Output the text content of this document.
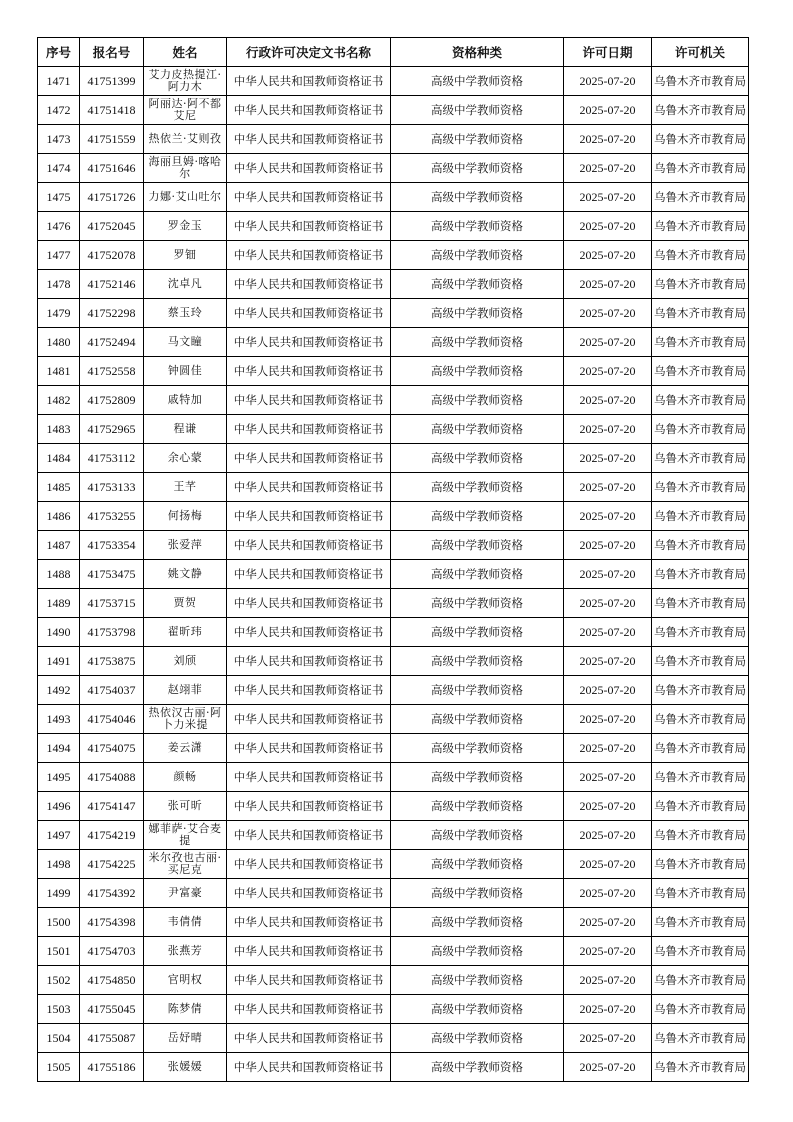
序号	报名号	姓名	行政许可决定文书名称	资格种类	许可日期	许可机关
1471	41751399	艾力皮热提江·阿力木	中华人民共和国教师资格证书	高级中学教师资格	2025-07-20	乌鲁木齐市教育局
1472	41751418	阿丽达·阿不都艾尼	中华人民共和国教师资格证书	高级中学教师资格	2025-07-20	乌鲁木齐市教育局
1473	41751559	热依兰·艾则孜	中华人民共和国教师资格证书	高级中学教师资格	2025-07-20	乌鲁木齐市教育局
1474	41751646	海丽旦姆·喀哈尔	中华人民共和国教师资格证书	高级中学教师资格	2025-07-20	乌鲁木齐市教育局
1475	41751726	力娜·艾山吐尔	中华人民共和国教师资格证书	高级中学教师资格	2025-07-20	乌鲁木齐市教育局
1476	41752045	罗金玉	中华人民共和国教师资格证书	高级中学教师资格	2025-07-20	乌鲁木齐市教育局
1477	41752078	罗钿	中华人民共和国教师资格证书	高级中学教师资格	2025-07-20	乌鲁木齐市教育局
1478	41752146	沈卓凡	中华人民共和国教师资格证书	高级中学教师资格	2025-07-20	乌鲁木齐市教育局
1479	41752298	蔡玉玲	中华人民共和国教师资格证书	高级中学教师资格	2025-07-20	乌鲁木齐市教育局
1480	41752494	马文瞳	中华人民共和国教师资格证书	高级中学教师资格	2025-07-20	乌鲁木齐市教育局
1481	41752558	钟圆佳	中华人民共和国教师资格证书	高级中学教师资格	2025-07-20	乌鲁木齐市教育局
1482	41752809	戚特加	中华人民共和国教师资格证书	高级中学教师资格	2025-07-20	乌鲁木齐市教育局
1483	41752965	程谦	中华人民共和国教师资格证书	高级中学教师资格	2025-07-20	乌鲁木齐市教育局
1484	41753112	余心蒙	中华人民共和国教师资格证书	高级中学教师资格	2025-07-20	乌鲁木齐市教育局
1485	41753133	王芊	中华人民共和国教师资格证书	高级中学教师资格	2025-07-20	乌鲁木齐市教育局
1486	41753255	何扬梅	中华人民共和国教师资格证书	高级中学教师资格	2025-07-20	乌鲁木齐市教育局
1487	41753354	张爱萍	中华人民共和国教师资格证书	高级中学教师资格	2025-07-20	乌鲁木齐市教育局
1488	41753475	姚文静	中华人民共和国教师资格证书	高级中学教师资格	2025-07-20	乌鲁木齐市教育局
1489	41753715	贾贺	中华人民共和国教师资格证书	高级中学教师资格	2025-07-20	乌鲁木齐市教育局
1490	41753798	翟昕玮	中华人民共和国教师资格证书	高级中学教师资格	2025-07-20	乌鲁木齐市教育局
1491	41753875	刘颀	中华人民共和国教师资格证书	高级中学教师资格	2025-07-20	乌鲁木齐市教育局
1492	41754037	赵翊菲	中华人民共和国教师资格证书	高级中学教师资格	2025-07-20	乌鲁木齐市教育局
1493	41754046	热依汉古丽·阿卜力米提	中华人民共和国教师资格证书	高级中学教师资格	2025-07-20	乌鲁木齐市教育局
1494	41754075	姜云潇	中华人民共和国教师资格证书	高级中学教师资格	2025-07-20	乌鲁木齐市教育局
1495	41754088	颜畅	中华人民共和国教师资格证书	高级中学教师资格	2025-07-20	乌鲁木齐市教育局
1496	41754147	张可昕	中华人民共和国教师资格证书	高级中学教师资格	2025-07-20	乌鲁木齐市教育局
1497	41754219	娜菲萨·艾合麦提	中华人民共和国教师资格证书	高级中学教师资格	2025-07-20	乌鲁木齐市教育局
1498	41754225	米尔孜也古丽·买尼克	中华人民共和国教师资格证书	高级中学教师资格	2025-07-20	乌鲁木齐市教育局
1499	41754392	尹富豪	中华人民共和国教师资格证书	高级中学教师资格	2025-07-20	乌鲁木齐市教育局
1500	41754398	韦倩倩	中华人民共和国教师资格证书	高级中学教师资格	2025-07-20	乌鲁木齐市教育局
1501	41754703	张燕芳	中华人民共和国教师资格证书	高级中学教师资格	2025-07-20	乌鲁木齐市教育局
1502	41754850	官明权	中华人民共和国教师资格证书	高级中学教师资格	2025-07-20	乌鲁木齐市教育局
1503	41755045	陈梦倩	中华人民共和国教师资格证书	高级中学教师资格	2025-07-20	乌鲁木齐市教育局
1504	41755087	岳妤晴	中华人民共和国教师资格证书	高级中学教师资格	2025-07-20	乌鲁木齐市教育局
1505	41755186	张媛媛	中华人民共和国教师资格证书	高级中学教师资格	2025-07-20	乌鲁木齐市教育局
